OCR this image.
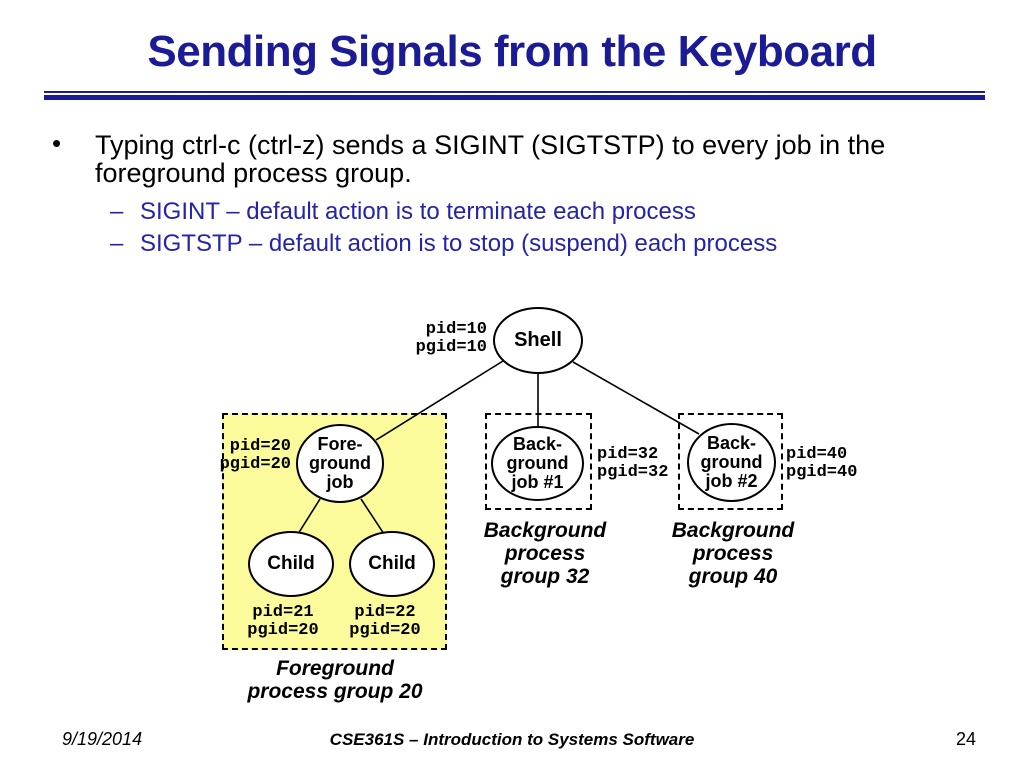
Sending Signals from the Keyboard
• Typing ctrl-c (ctrl-z) sends a SIGINT (SIGTSTP) to every job in the
foreground process group.
– SIGINT – default action is to terminate each process
– SIGTSTP – default action is to stop (suspend) each process
Shell
Fore-
ground
job
Child	Child
Back-
ground
job #1
Back-
ground
job #2
pid=10
pgid=10
pid=20
pgid=20
pid=21
pgid=20
pid=22
pgid=20
pid=32
pgid=32
pid=40
pgid=40
Foreground
process group 20
Background
process
group 32
Background
process
group 40
9/19/2014	CSE361S – Introduction to Systems Software	24
